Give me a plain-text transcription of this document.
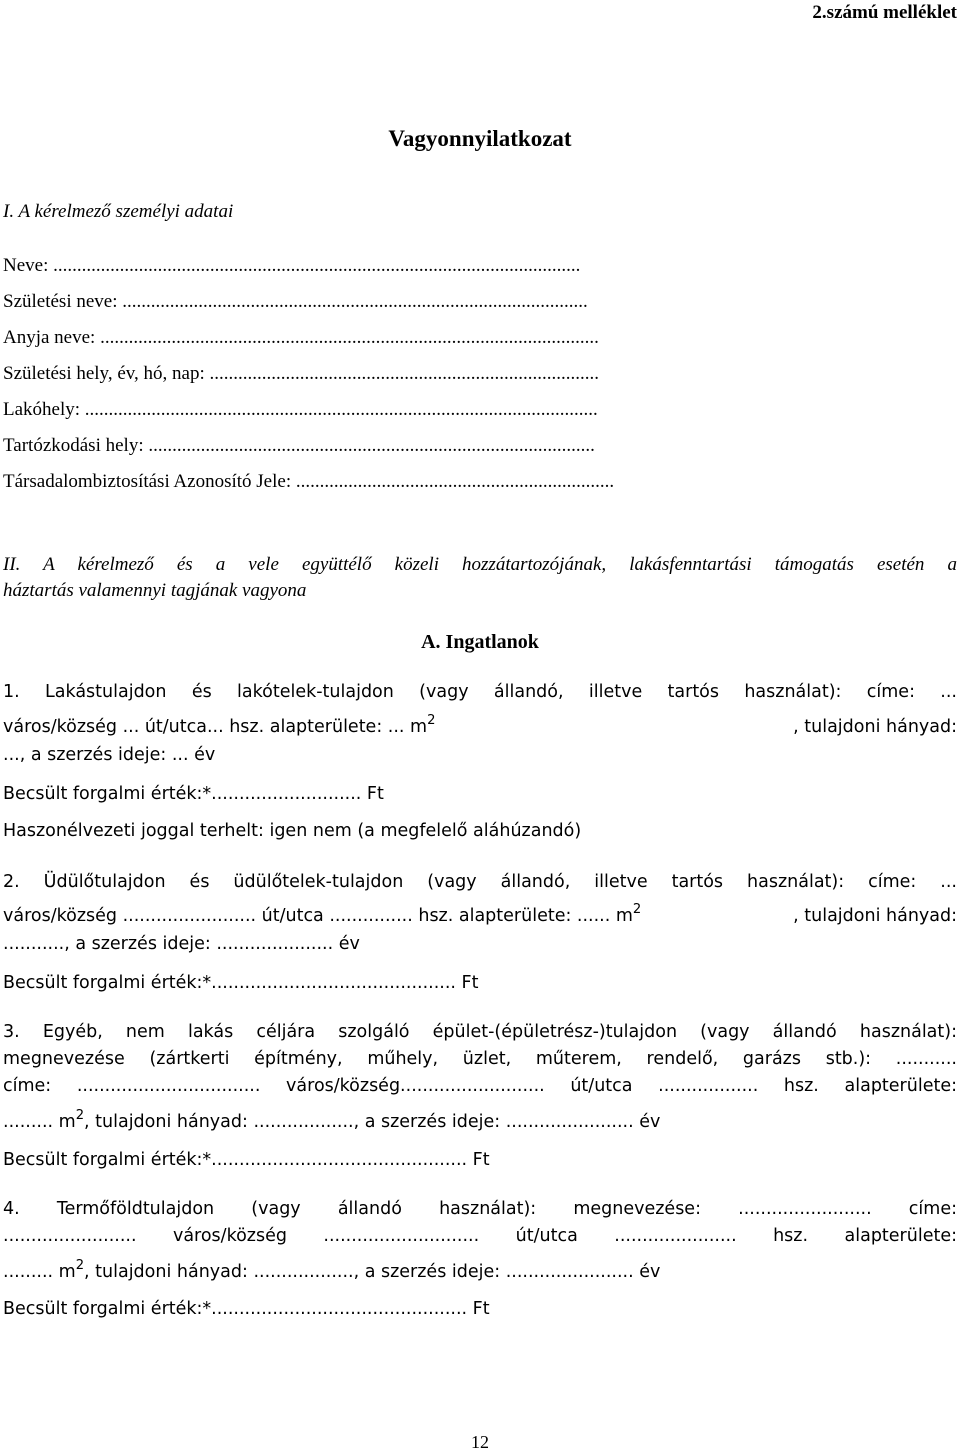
2.számú melléklet
Vagyonnyilatkozat
I. A kérelmező személyi adatai
Neve: ...............................................................................................................
Születési neve: ..................................................................................................
Anyja neve: .........................................................................................................
Születési hely, év, hó, nap: ..................................................................................
Lakóhely: ............................................................................................................
Tartózkodási hely: ..............................................................................................
Társadalombiztosítási Azonosító Jele: ...................................................................
II. A kérelmező és a vele együttélő közeli hozzátartozójának, lakásfenntartási támogatás esetén a
háztartás valamennyi tagjának vagyona
A. Ingatlanok
1. Lakástulajdon és lakótelek-tulajdon (vagy állandó, illetve tartós használat): címe: ...
város/község ... út/utca... hsz. alapterülete: ... $m^2$	, tulajdoni hányad:
..., a szerzés ideje: ... év
Becsült forgalmi érték:*........................... Ft
Haszonélvezeti joggal terhelt: igen nem (a megfelelő aláhúzandó)
2. Üdülőtulajdon és üdülőtelek-tulajdon (vagy állandó, illetve tartós használat): címe: ...
város/község ........................ út/utca ............... hsz. alapterülete: ...... $m^2$	, tulajdoni hányad:
..........., a szerzés ideje: ..................... év
Becsült forgalmi érték:*............................................ Ft
3. Egyéb, nem lakás céljára szolgáló épület-(épületrész-)tulajdon (vagy állandó használat):
megnevezése (zártkerti építmény, műhely, üzlet, műterem, rendelő, garázs stb.): ...........
címe: ................................. város/község.......................... út/utca .................. hsz. alapterülete:
......... $m^2$, tulajdoni hányad: .................., a szerzés ideje: ....................... év
Becsült forgalmi érték:*.............................................. Ft
4. Termőföldtulajdon (vagy állandó használat): megnevezése: ........................ címe:
........................ város/község ............................ út/utca ...................... hsz. alapterülete:
......... $m^2$, tulajdoni hányad: .................., a szerzés ideje: ....................... év
Becsült forgalmi érték:*.............................................. Ft
12
